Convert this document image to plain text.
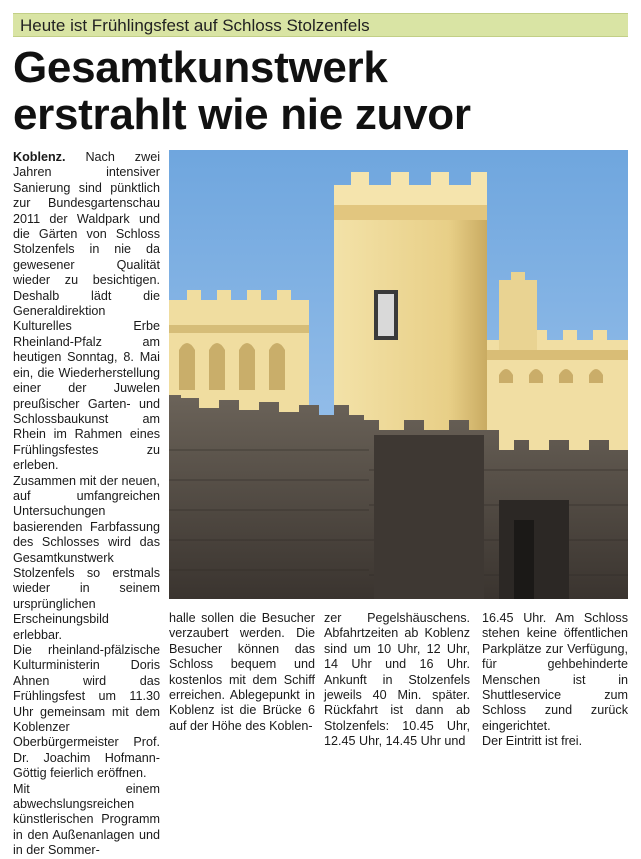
Heute ist Frühlingsfest auf Schloss Stolzenfels
Gesamtkunstwerk
erstrahlt wie nie zuvor

Koblenz. Nach zwei Jahren intensiver Sanierung sind pünktlich zur Bundesgartenschau 2011 der Waldpark und die Gärten von Schloss Stolzenfels in nie da gewesener Qualität wieder zu besichtigen. Deshalb lädt die Generaldirektion Kulturelles Erbe Rheinland-Pfalz am heutigen Sonntag, 8. Mai ein, die Wiederherstellung einer der Juwelen preußischer Garten- und Schlossbaukunst am Rhein im Rahmen eines Frühlingsfestes zu erleben.

Zusammen mit der neuen, auf umfangreichen Untersuchungen basierenden Farbfassung des Schlosses wird das Gesamtkunstwerk Stolzenfels so erstmals wieder in seinem ursprünglichen Erscheinungsbild erlebbar.

Die rheinland-pfälzische Kulturministerin Doris Ahnen wird das Frühlingsfest um 11.30 Uhr gemeinsam mit dem Koblenzer Oberbürgermeister Prof. Dr. Joachim Hofmann-Göttig feierlich eröffnen.

Mit einem abwechslungsreichen künstlerischen Programm in den Außenanlagen und in der Sommer-

halle sollen die Besucher verzaubert werden. Die Besucher können das Schloss bequem und kostenlos mit dem Schiff erreichen. Ablegepunkt in Koblenz ist die Brücke 6 auf der Höhe des Koblen-

zer Pegelshäuschens. Abfahrtzeiten ab Koblenz sind um 10 Uhr, 12 Uhr, 14 Uhr und 16 Uhr. Ankunft in Stolzenfels jeweils 40 Min. später. Rückfahrt ist dann ab Stolzenfels: 10.45 Uhr, 12.45 Uhr, 14.45 Uhr und

16.45 Uhr. Am Schloss stehen keine öffentlichen Parkplätze zur Verfügung, für gehbehinderte Menschen ist in Shuttleservice zum Schloss zund zurück eingerichtet.

Der Eintritt ist frei.
